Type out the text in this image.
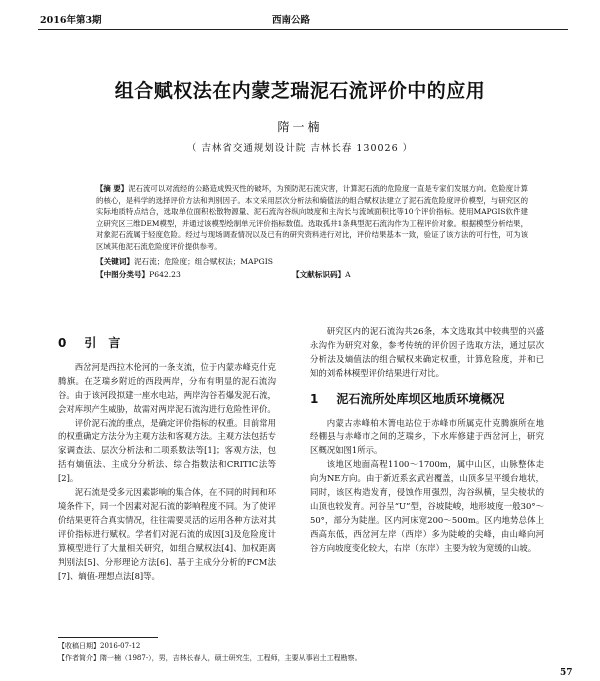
2016年第3期	西南公路
组合赋权法在内蒙芝瑞泥石流评价中的应用
隋一楠
（ 吉林省交通规划设计院 吉林长春 130026 ）
【摘 要】泥石流可以对流经的公路造成毁灭性的破坏，为预防泥石流灾害，计算泥石流的危险度一直是专家们发展方向。危险度计算的核心，是科学的选择评价方法和判别因子。本文采用层次分析法和熵值法的组合赋权法建立了泥石流危险度评价模型，与研究区的实际地质特点结合，选取单位面积松散物源量、泥石流沟谷纵向坡度和主沟长与流域面积比等10个评价指标。使用MAPGIS软件建立研究区三维DEM模型，并通过该模型绘制单元评价指标数值。选取孤井1条典型泥石流沟作为工程评价对象。根据模型分析结果，对象泥石流属于轻度危险。经过与现场调查情况以及已有的研究资料进行对比，评价结果基本一致，验证了该方法的可行性，可为该区域其他泥石流危险度评价提供参考。
【关键词】泥石流；危险度；组合赋权法；MAPGIS
【中图分类号】P642.23	【文献标识码】A
0 引　言

西岔河是西拉木伦河的一条支流，位于内蒙赤峰克什克腾旗。在芝瑞乡附近的西段两岸，分布有明显的泥石流沟谷。由于该河段拟建一座水电站，两岸沟谷若爆发泥石流，会对库坝产生威胁，故需对两岸泥石流沟进行危险性评价。

评价泥石流的重点，是确定评价指标的权重。目前常用的权重确定方法分为主观方法和客观方法。主观方法包括专家调查法、层次分析法和二项系数法等[1]；客观方法，包括有熵值法、主成分分析法、综合指数法和CRITIC法等[2]。

泥石流是受多元因素影响的集合体，在不同的时间和环境条件下，同一个因素对泥石流的影响程度不同。为了使评价结果更符合真实情况，往往需要灵活的运用各种方法对其评价指标进行赋权。学者们对泥石流的成因[3]及危险度计算模型进行了大量相关研究，如组合赋权法[4]、加权距离判别法[5]、分形理论方法[6]、基于主成分分析的FCM法[7]、熵值-理想点法[8]等。

研究区内的泥石流沟共26条，本文选取其中较典型的兴盛永沟作为研究对象，参考传统的评价因子选取方法，通过层次分析法及熵值法的组合赋权来确定权重，计算危险度，并和已知的刘希林模型评价结果进行对比。

1 泥石流所处库坝区地质环境概况

内蒙古赤峰柏木箐电站位于赤峰市所属克什克腾旗所在地经棚县与赤峰市之间的芝瑞乡，下水库修建于西岔河上，研究区概况如图1所示。

该地区地面高程1100～1700m，属中山区，山脉整体走向为NE方向。由于新近系玄武岩覆盖，山顶多呈平缓台地状，同时，该区构造发育，侵蚀作用强烈，沟谷纵横，呈尖棱状的山顶也较发育。河谷呈“U”型，谷坡陡峻，地形坡度一般30°～50°，部分为陡崖。区内河床宽200～500m。区内地势总体上西高东低，西岔河左岸（西岸）多为陡峻的尖峰，由山峰向河谷方向坡度变化较大，右岸（东岸）主要为较为宽缓的山坡。

【收稿日期】2016-07-12
【作者简介】隋一楠（1987-），男，吉林长春人，硕士研究生，工程师，主要从事岩土工程勘察。
57
